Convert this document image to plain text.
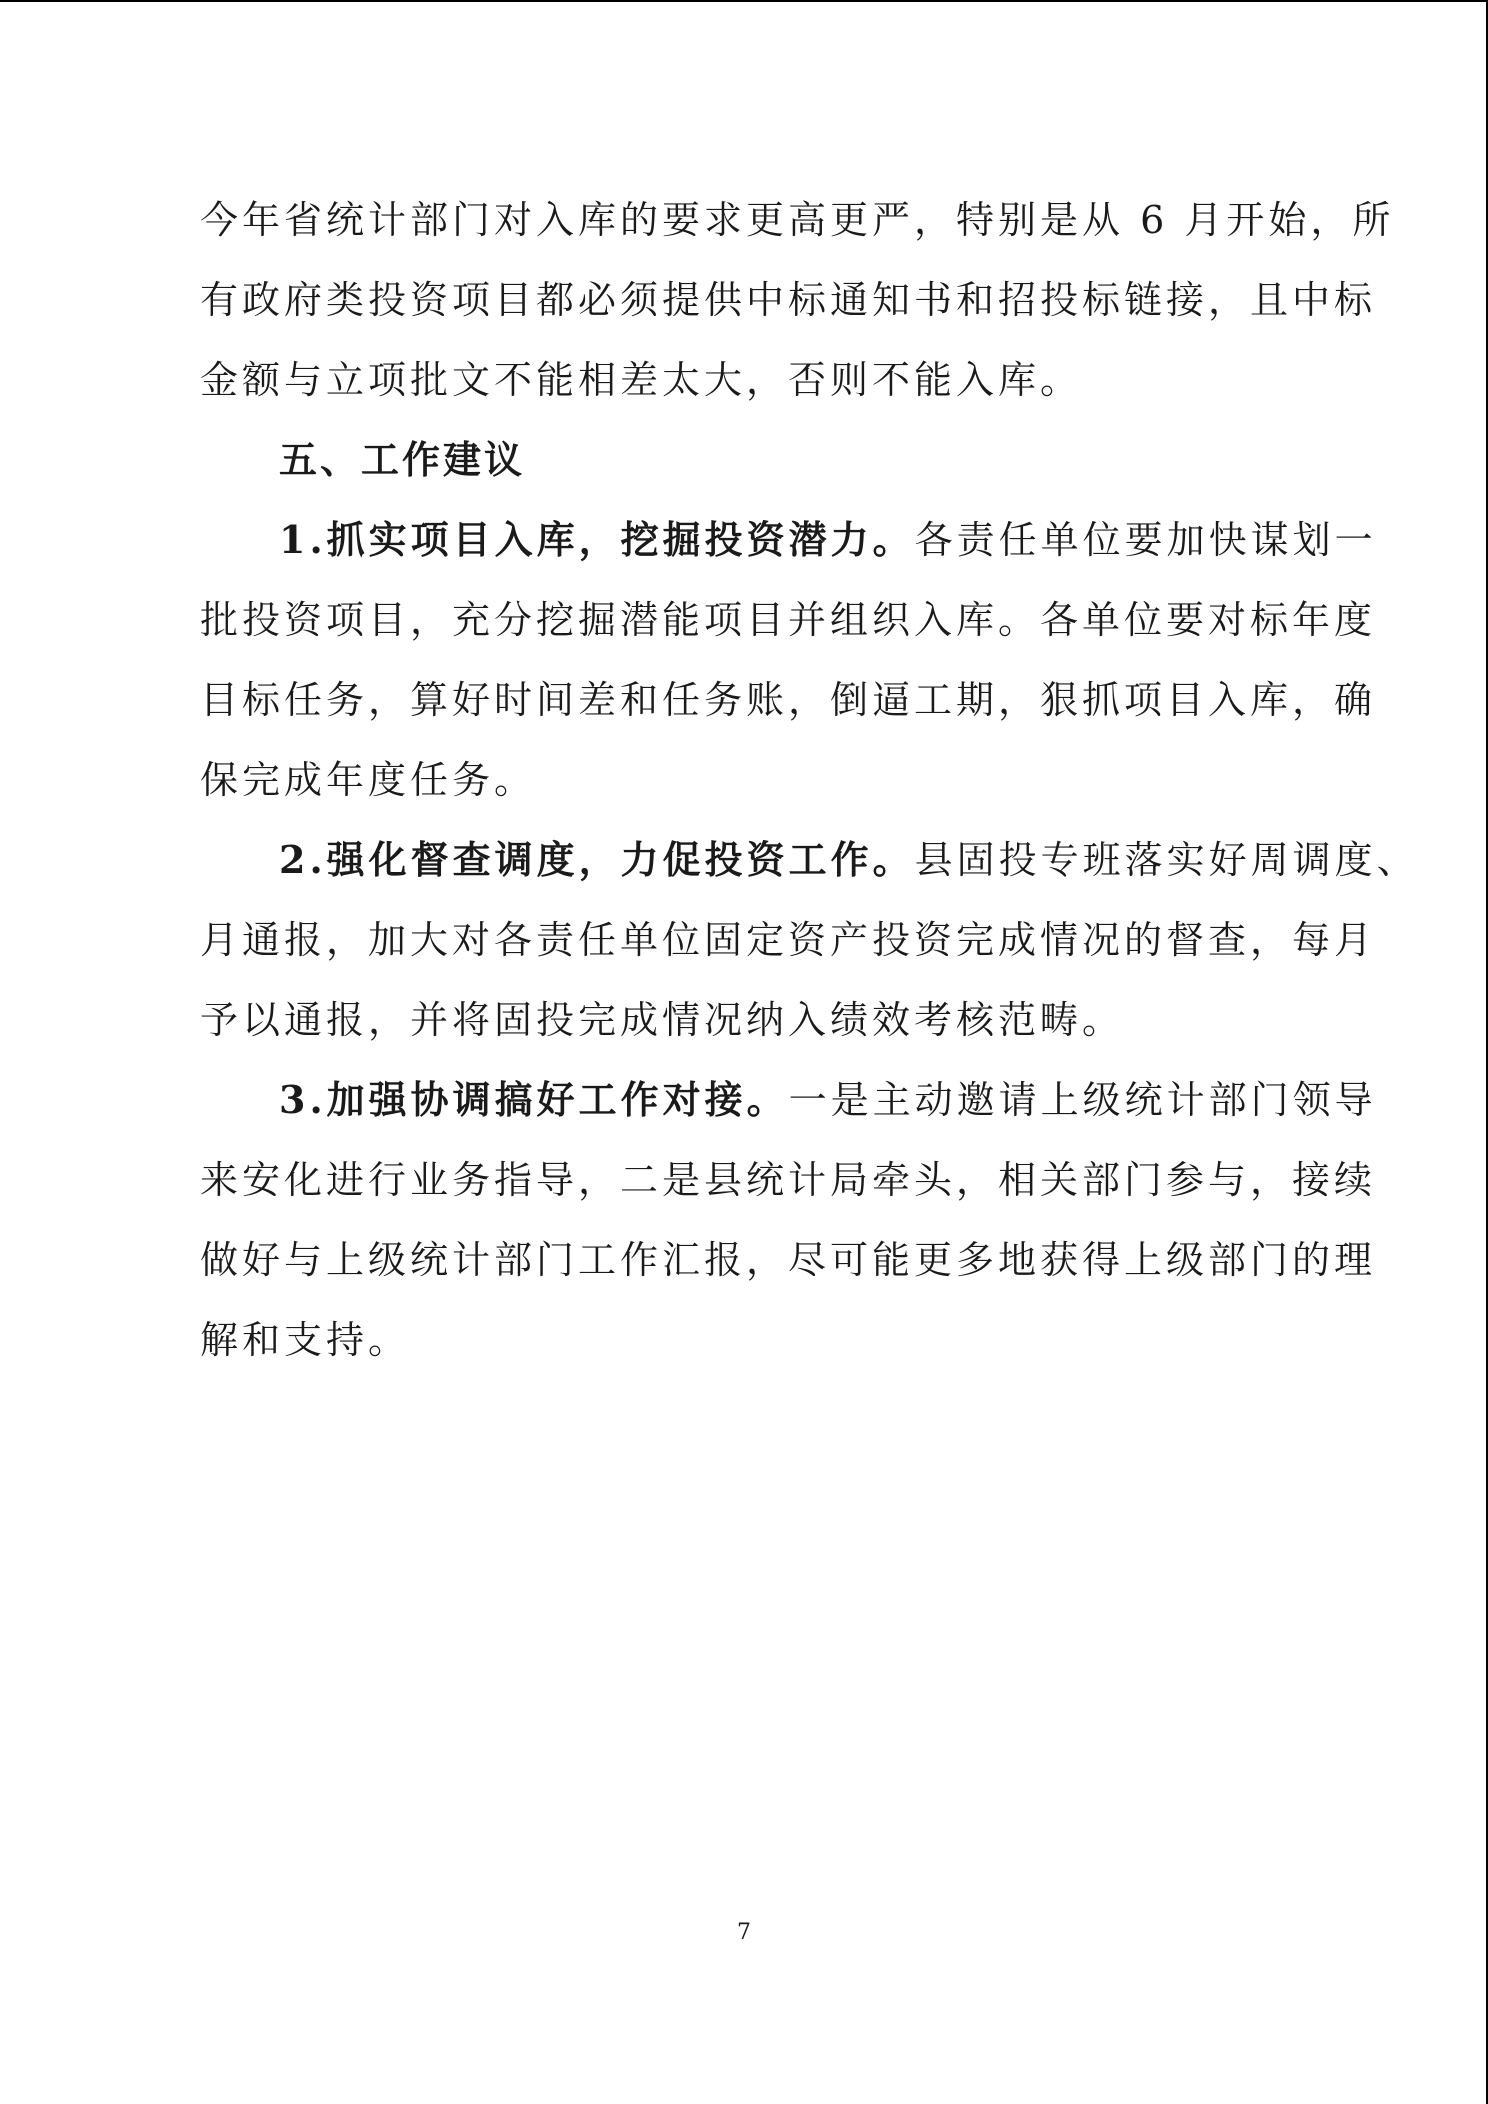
今年省统计部门对入库的要求更高更严，特别是从 6 月开始，所
有政府类投资项目都必须提供中标通知书和招投标链接，且中标
金额与立项批文不能相差太大，否则不能入库。
五、工作建议
1.抓实项目入库，挖掘投资潜力。各责任单位要加快谋划一
批投资项目，充分挖掘潜能项目并组织入库。各单位要对标年度
目标任务，算好时间差和任务账，倒逼工期，狠抓项目入库，确
保完成年度任务。
2.强化督查调度，力促投资工作。县固投专班落实好周调度、
月通报，加大对各责任单位固定资产投资完成情况的督查，每月
予以通报，并将固投完成情况纳入绩效考核范畴。
3.加强协调搞好工作对接。一是主动邀请上级统计部门领导
来安化进行业务指导，二是县统计局牵头，相关部门参与，接续
做好与上级统计部门工作汇报，尽可能更多地获得上级部门的理
解和支持。
7
